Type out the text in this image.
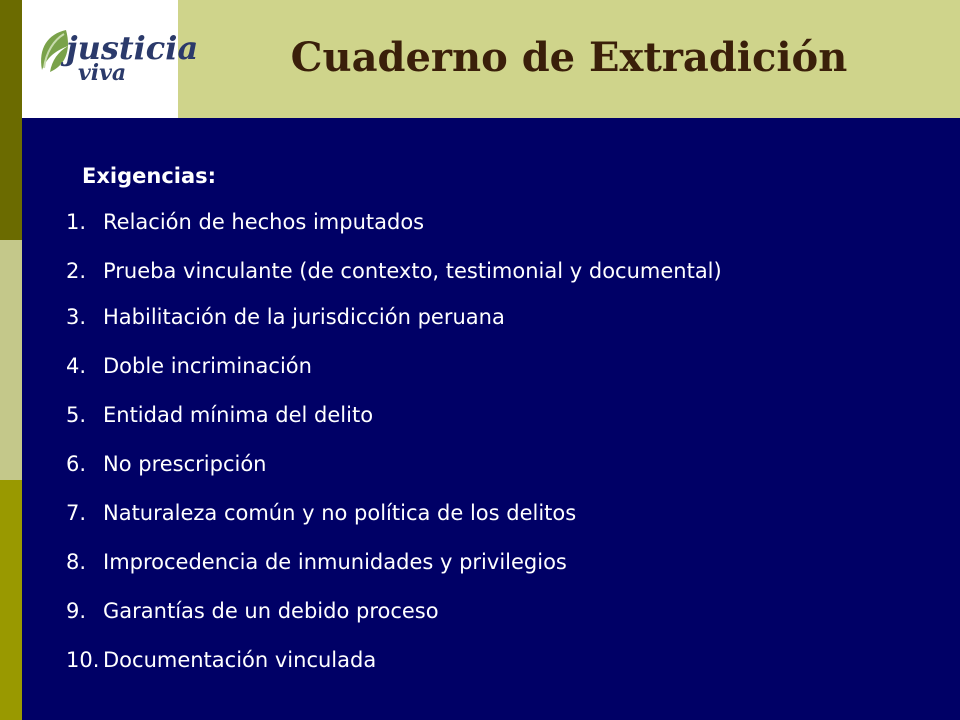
justicia
viva	Cuaderno de Extradición

Exigencias:

1. Relación de hechos imputados
2. Prueba vinculante (de contexto, testimonial y documental)
3. Habilitación de la jurisdicción peruana
4. Doble incriminación
5. Entidad mínima del delito
6. No prescripción
7. Naturaleza común y no política de los delitos
8. Improcedencia de inmunidades y privilegios
9. Garantías de un debido proceso
10. Documentación vinculada
